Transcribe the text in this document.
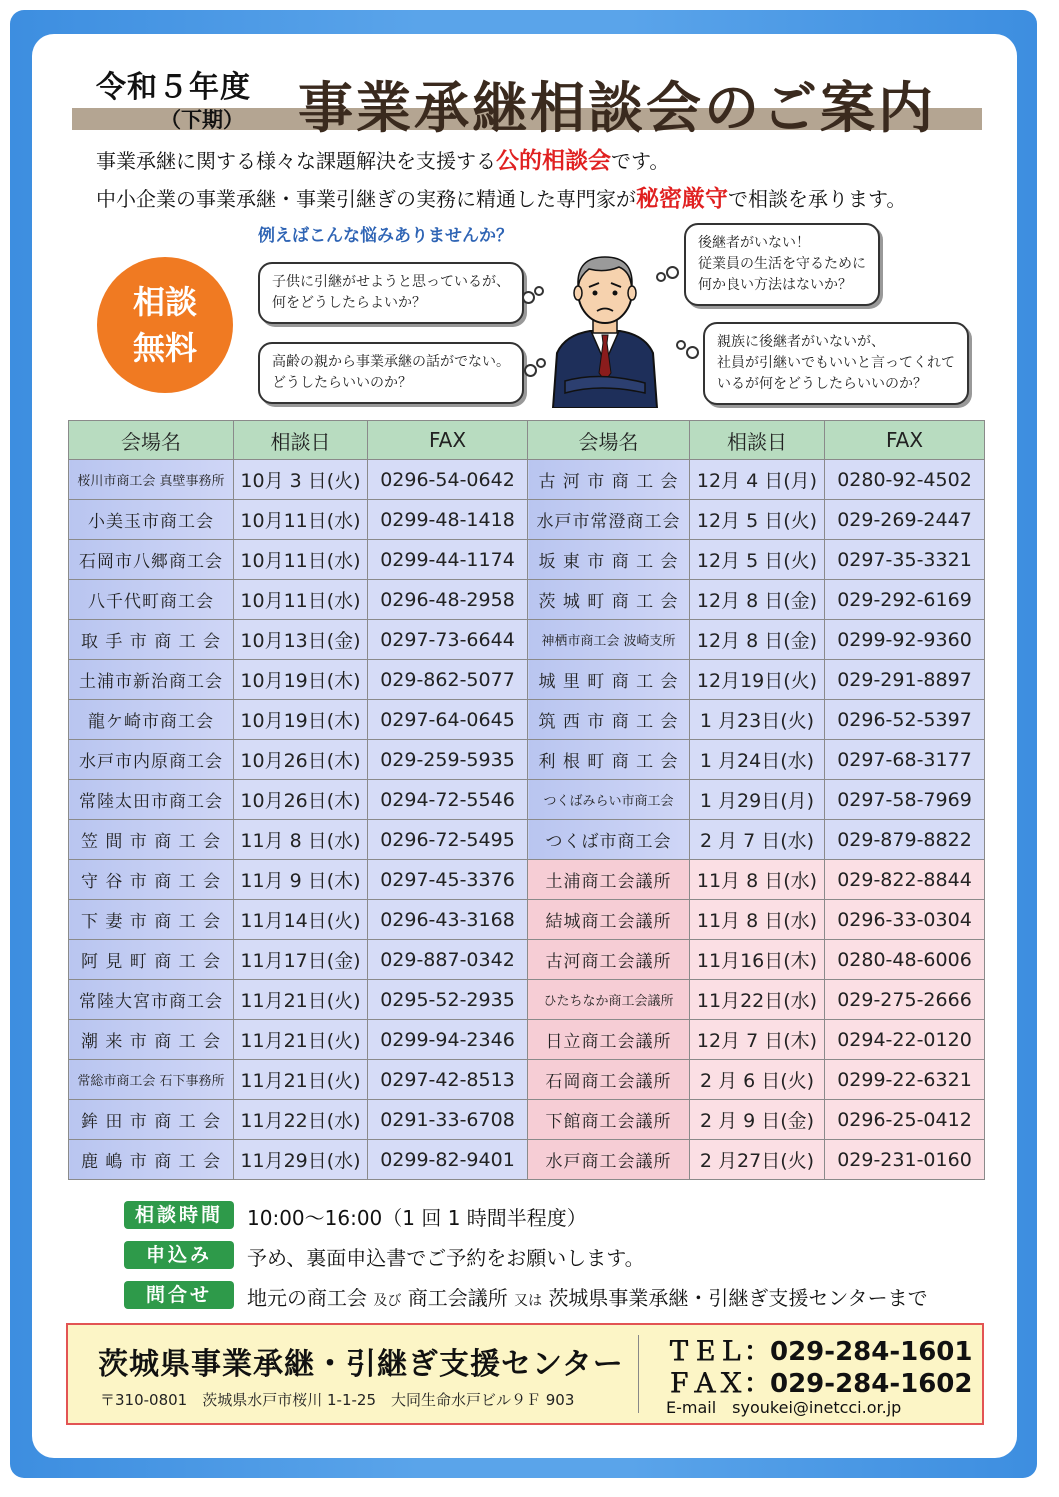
令和５年度
（下期） 事業承継相談会のご案内
事業承継に関する様々な課題解決を支援する公的相談会です。
中小企業の事業承継・事業引継ぎの実務に精通した専門家が秘密厳守で相談を承ります。
例えばこんな悩みありませんか？
相談
無料
子供に引継がせようと思っているが、
何をどうしたらよいか？
高齢の親から事業承継の話がでない。
どうしたらいいのか？
後継者がいない！
従業員の生活を守るために
何か良い方法はないか？
親族に後継者がいないが、
社員が引継いでもいいと言ってくれて
いるが何をどうしたらいいのか？
会場名	相談日	FAX	会場名	相談日	FAX
桜川市商工会 真壁事務所	10月 3 日(火)	0296-54-0642	古 河 市 商 工 会	12月 4 日(月)	0280-92-4502
小美玉市商工会	10月11日(水)	0299-48-1418	水戸市常澄商工会	12月 5 日(火)	029-269-2447
石岡市八郷商工会	10月11日(水)	0299-44-1174	坂 東 市 商 工 会	12月 5 日(火)	0297-35-3321
八千代町商工会	10月11日(水)	0296-48-2958	茨 城 町 商 工 会	12月 8 日(金)	029-292-6169
取 手 市 商 工 会	10月13日(金)	0297-73-6644	神栖市商工会 波崎支所	12月 8 日(金)	0299-92-9360
土浦市新治商工会	10月19日(木)	029-862-5077	城 里 町 商 工 会	12月19日(火)	029-291-8897
龍ケ崎市商工会	10月19日(木)	0297-64-0645	筑 西 市 商 工 会	1 月23日(火)	0296-52-5397
水戸市内原商工会	10月26日(木)	029-259-5935	利 根 町 商 工 会	1 月24日(水)	0297-68-3177
常陸太田市商工会	10月26日(木)	0294-72-5546	つくばみらい市商工会	1 月29日(月)	0297-58-7969
笠 間 市 商 工 会	11月 8 日(水)	0296-72-5495	つくば市商工会	2 月 7 日(水)	029-879-8822
守 谷 市 商 工 会	11月 9 日(木)	0297-45-3376	土浦商工会議所	11月 8 日(水)	029-822-8844
下 妻 市 商 工 会	11月14日(火)	0296-43-3168	結城商工会議所	11月 8 日(水)	0296-33-0304
阿 見 町 商 工 会	11月17日(金)	029-887-0342	古河商工会議所	11月16日(木)	0280-48-6006
常陸大宮市商工会	11月21日(火)	0295-52-2935	ひたちなか商工会議所	11月22日(水)	029-275-2666
潮 来 市 商 工 会	11月21日(火)	0299-94-2346	日立商工会議所	12月 7 日(木)	0294-22-0120
常総市商工会 石下事務所	11月21日(火)	0297-42-8513	石岡商工会議所	2 月 6 日(火)	0299-22-6321
鉾 田 市 商 工 会	11月22日(水)	0291-33-6708	下館商工会議所	2 月 9 日(金)	0296-25-0412
鹿 嶋 市 商 工 会	11月29日(水)	0299-82-9401	水戸商工会議所	2 月27日(火)	029-231-0160
相談時間	10:00〜16:00（1 回 1 時間半程度）
申込み	予め、裏面申込書でご予約をお願いします。
問合せ	地元の商工会 及び 商工会議所 又は 茨城県事業承継・引継ぎ支援センターまで
茨城県事業承継・引継ぎ支援センター
〒310-0801　茨城県水戸市桜川 1-1-25　大同生命水戸ビル９Ｆ 903
ＴＥＬ：029-284-1601
ＦＡＸ：029-284-1602
E-mail　syoukei@inetcci.or.jp
